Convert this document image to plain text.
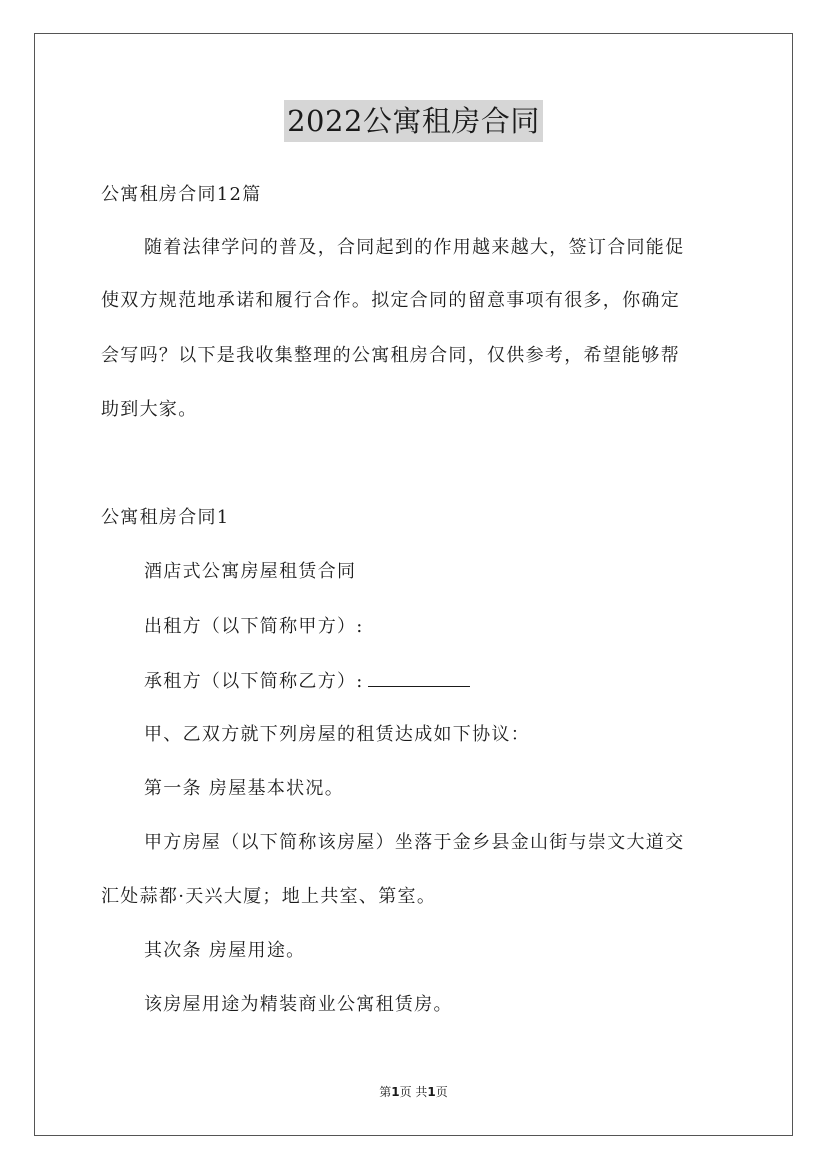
2022公寓租房合同
公寓租房合同12篇
随着法律学问的普及，合同起到的作用越来越大，签订合同能促
使双方规范地承诺和履行合作。拟定合同的留意事项有很多，你确定
会写吗？以下是我收集整理的公寓租房合同，仅供参考，希望能够帮
助到大家。
公寓租房合同1
酒店式公寓房屋租赁合同
出租方（以下简称甲方）:
承租方（以下简称乙方）:
甲、乙双方就下列房屋的租赁达成如下协议：
第一条 房屋基本状况。
甲方房屋（以下简称该房屋）坐落于金乡县金山街与崇文大道交
汇处蒜都·天兴大厦；地上共室、第室。
其次条 房屋用途。
该房屋用途为精装商业公寓租赁房。
第1页 共1页
